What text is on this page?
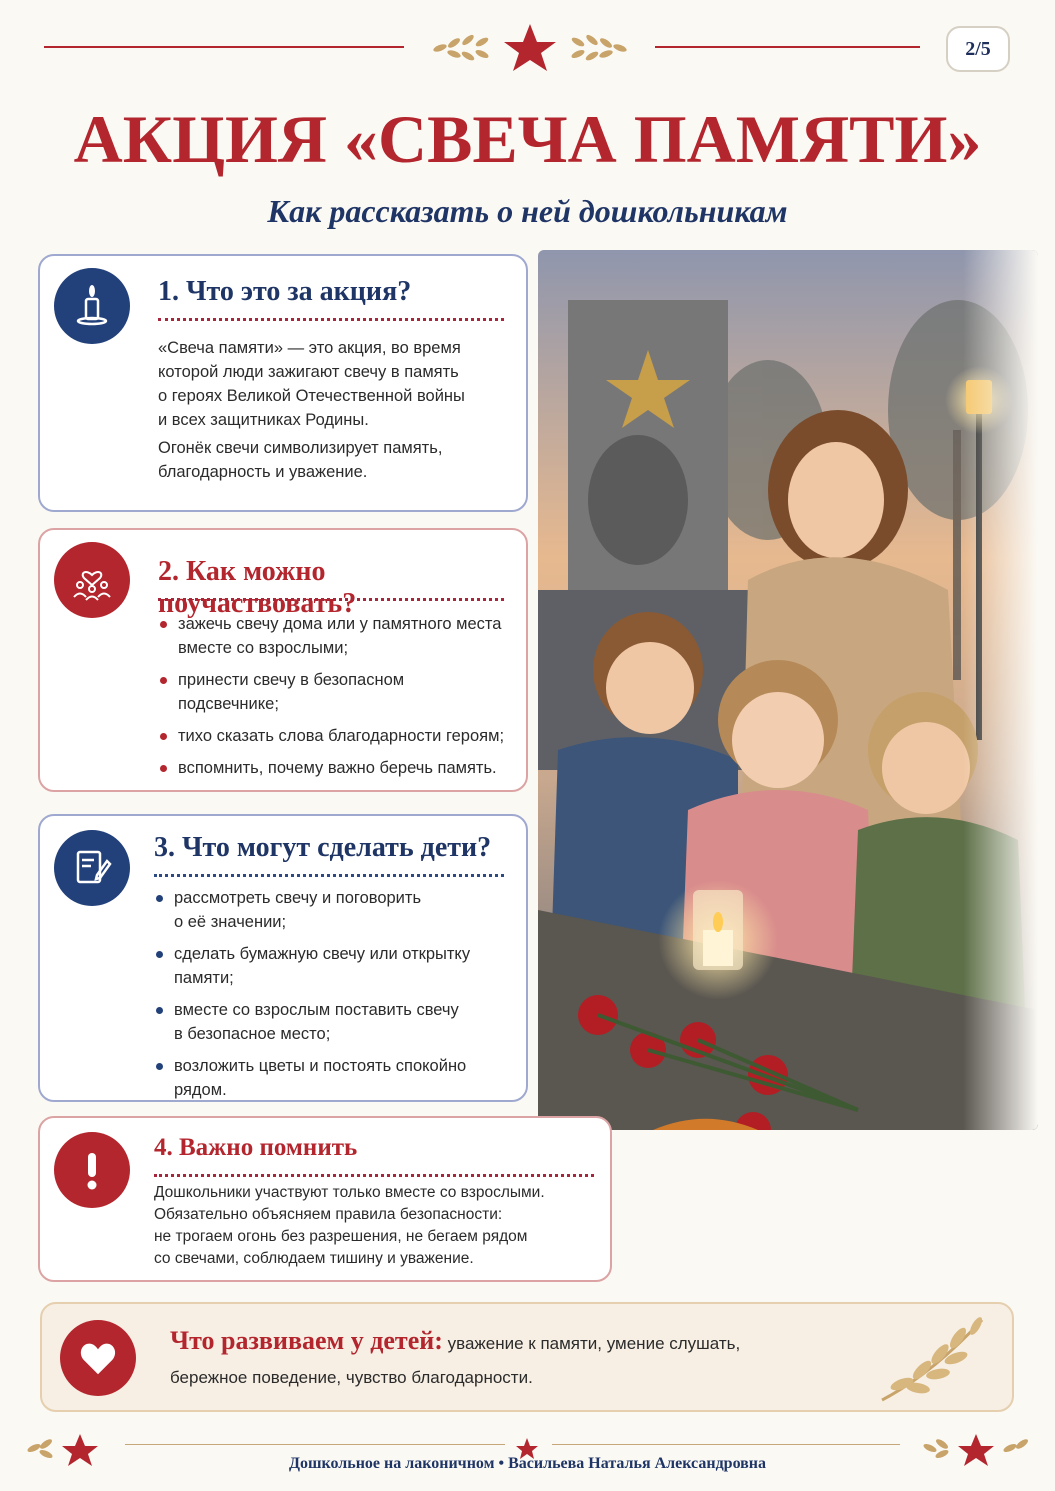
2/5
АКЦИЯ «СВЕЧА ПАМЯТИ»
Как рассказать о ней дошкольникам
1. Что это за акция?
«Свеча памяти» — это акция, во время
которой люди зажигают свечу в память
о героях Великой Отечественной войны
и всех защитниках Родины.
Огонёк свечи символизирует память,
благодарность и уважение.
2. Как можно поучаствовать?
зажечь свечу дома или у памятного места
вместе со взрослыми;
принести свечу в безопасном
подсвечнике;
тихо сказать слова благодарности героям;
вспомнить, почему важно беречь память.
3. Что могут сделать дети?
рассмотреть свечу и поговорить
о её значении;
сделать бумажную свечу или открытку
памяти;
вместе со взрослым поставить свечу
в безопасное место;
возложить цветы и постоять спокойно
рядом.
4. Важно помнить
Дошкольники участвуют только вместе со взрослыми.
Обязательно объясняем правила безопасности:
не трогаем огонь без разрешения, не бегаем рядом
со свечами, соблюдаем тишину и уважение.
Что развиваем у детей: уважение к памяти, умение слушать,
бережное поведение, чувство благодарности.
Дошкольное на лаконичном • Васильева Наталья Александровна
